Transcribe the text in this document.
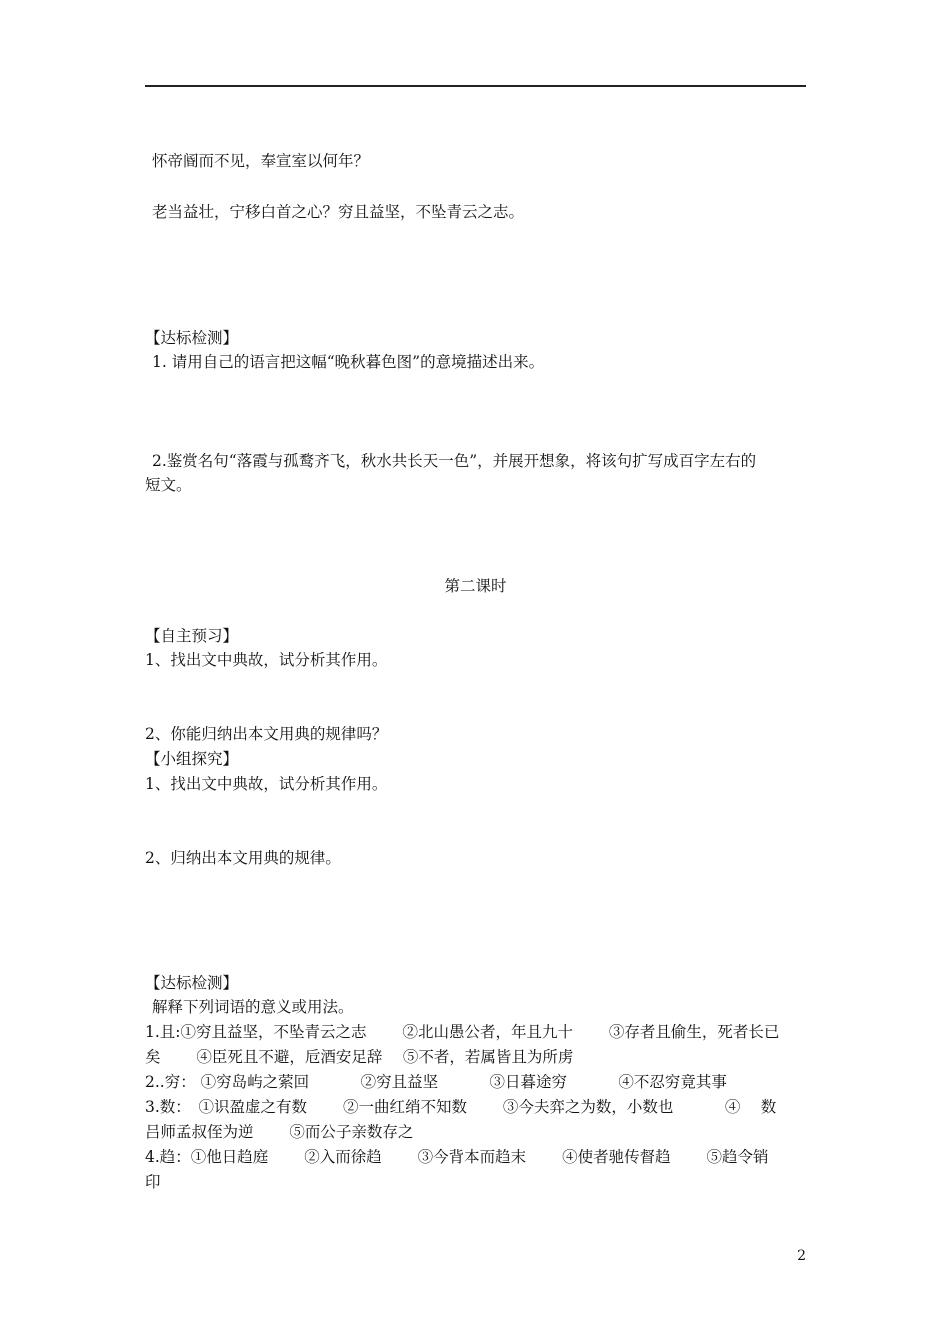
怀帝阍而不见，奉宣室以何年？
老当益壮，宁移白首之心？穷且益坚，不坠青云之志。
【达标检测】
1. 请用自己的语言把这幅“晚秋暮色图”的意境描述出来。
2.鉴赏名句“落霞与孤鹜齐飞，秋水共长天一色”，并展开想象，将该句扩写成百字左右的
短文。
第二课时
【自主预习】
1、找出文中典故，试分析其作用。
2、你能归纳出本文用典的规律吗？
【小组探究】
1、找出文中典故，试分析其作用。
2、归纳出本文用典的规律。
【达标检测】
解释下列词语的意义或用法。
1.且:①穷且益坚，不坠青云之志 　　②北山愚公者，年且九十 　　③存者且偷生，死者长已
矣 　　④臣死且不避，卮酒安足辞 　⑤不者，若属皆且为所虏
2..穷： ①穷岛屿之萦回 　　　②穷且益坚 　　　③日暮途穷 　　　④不忍穷竟其事
3.数：　①识盈虚之有数 　　②一曲红绡不知数 　　③今夫弈之为数，小数也 　　　④ 　数
吕师孟叔侄为逆 　　⑤而公子亲数存之
4.趋：①他日趋庭 　　②入而徐趋 　　③今背本而趋末 　　④使者驰传督趋 　　⑤趋令销
印
2
